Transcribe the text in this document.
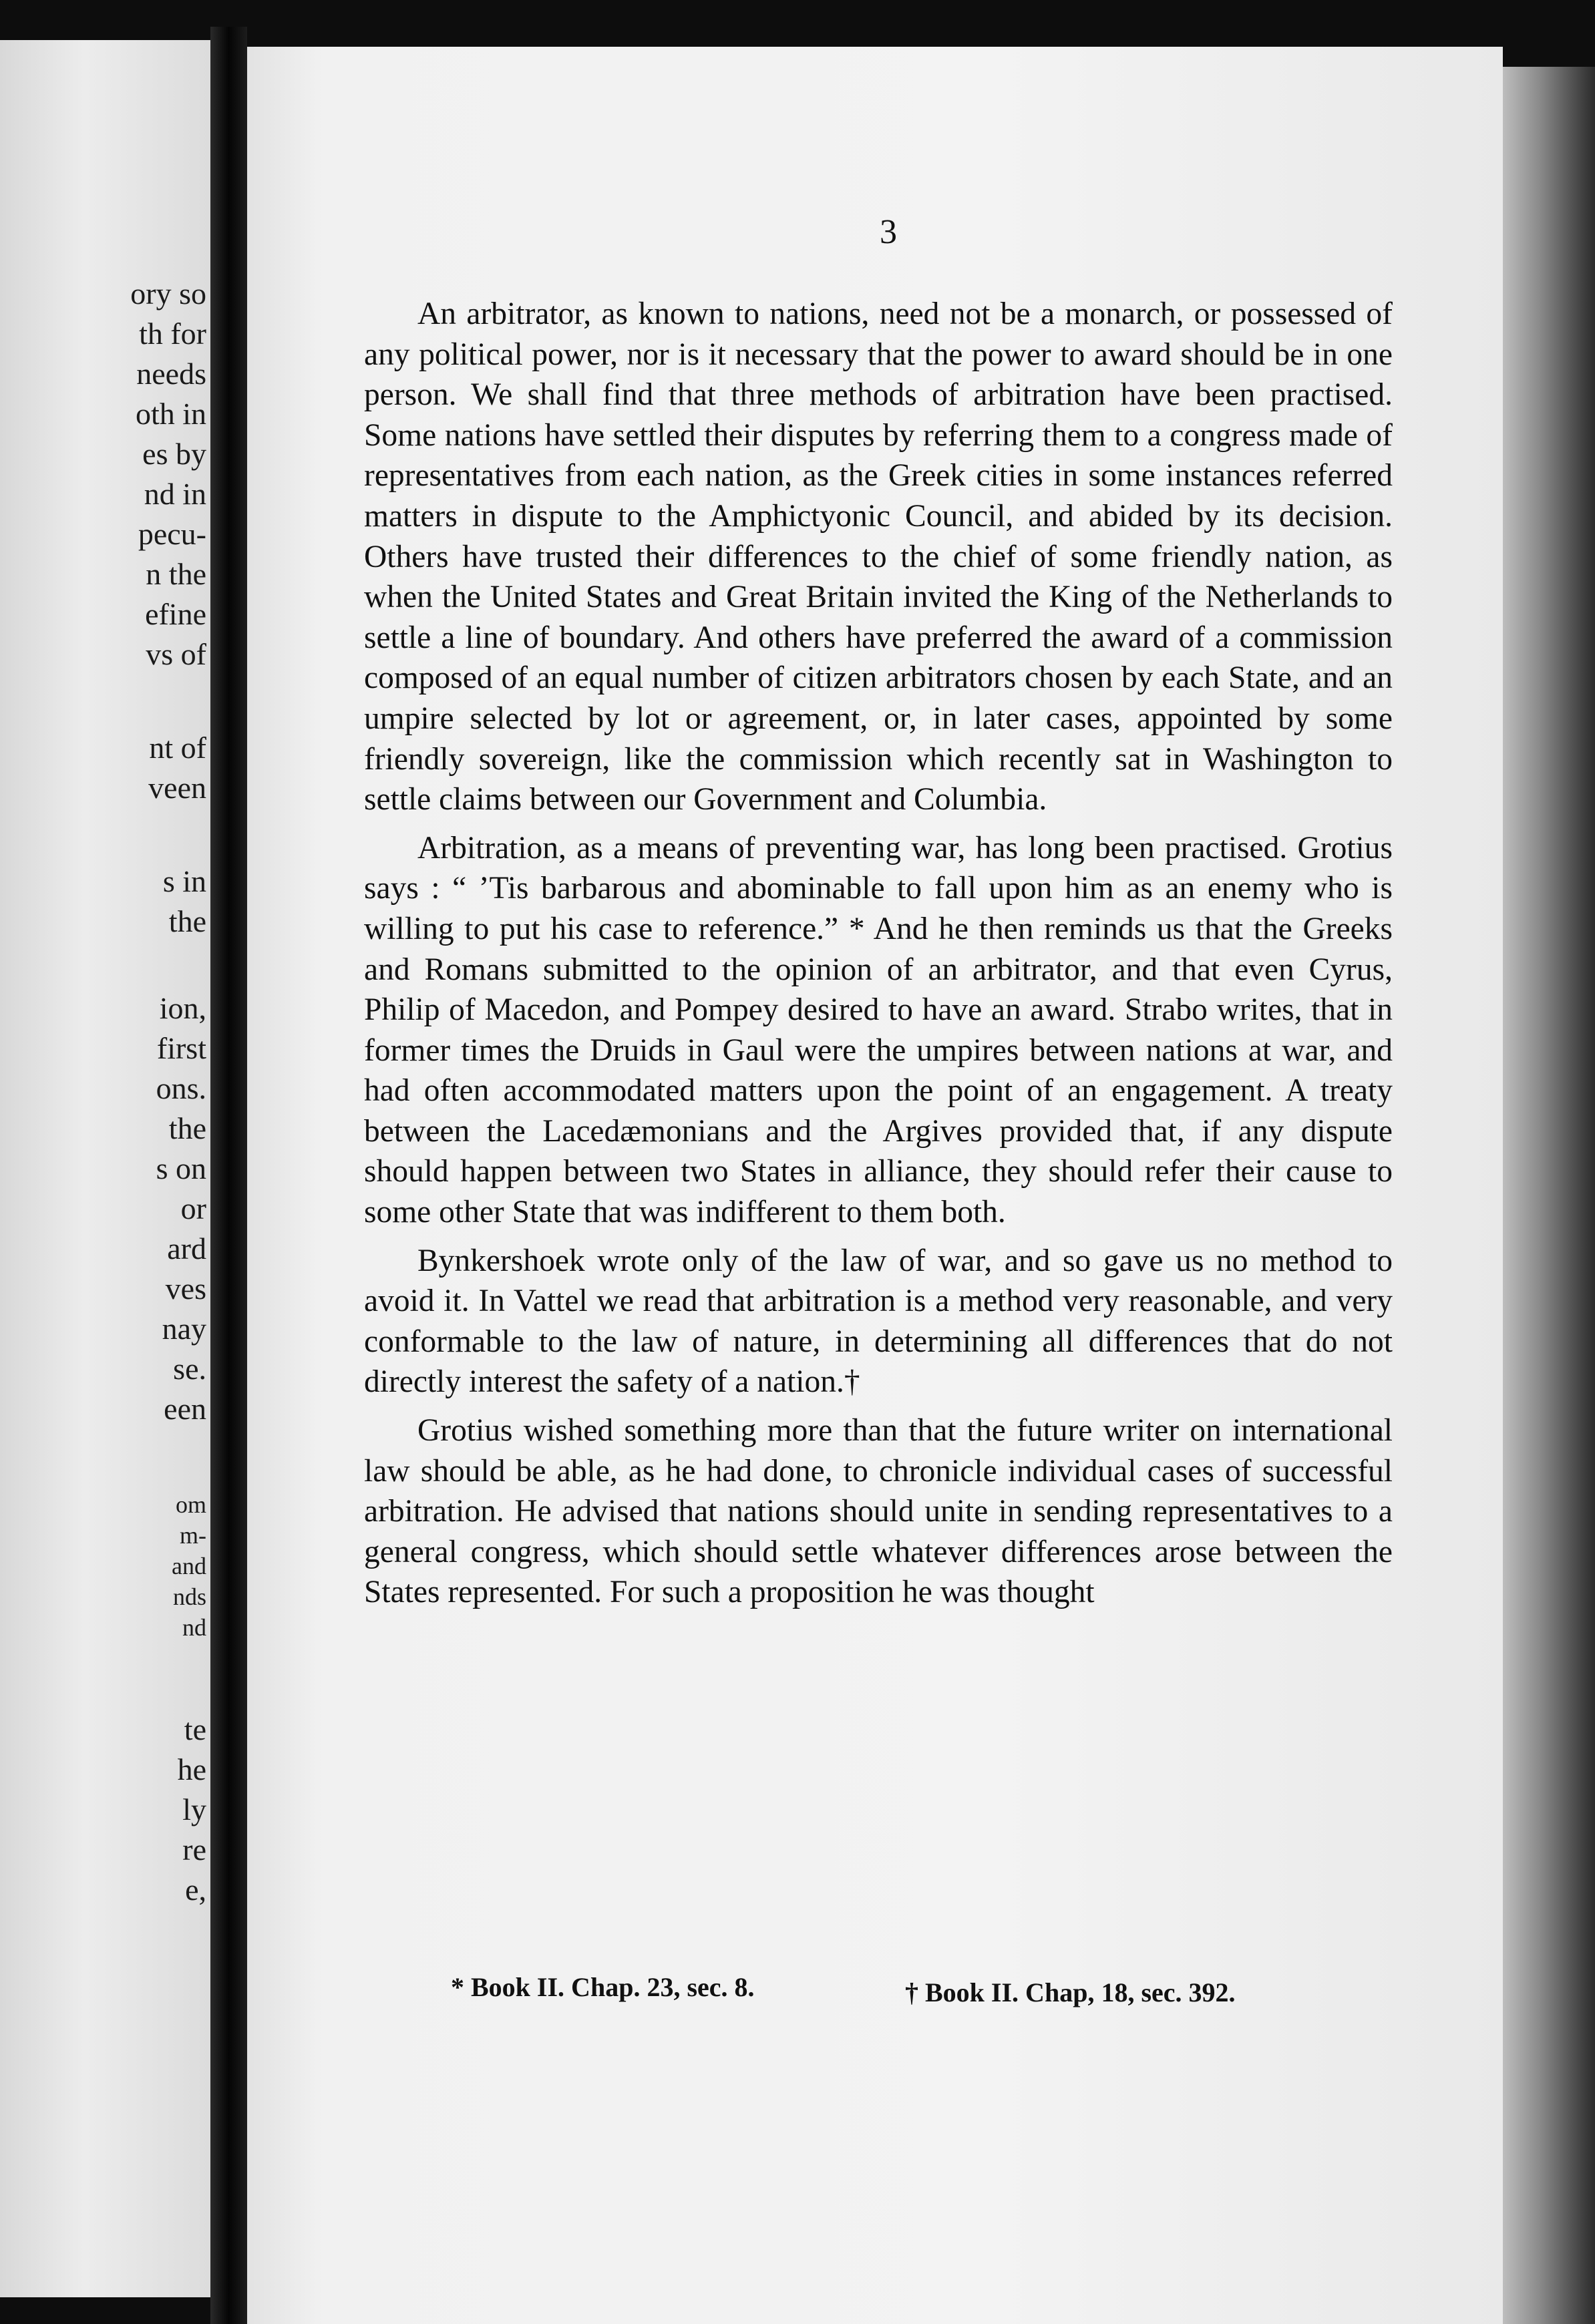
ory so
th for
needs
oth in
es by
nd in
pecu-
n the
efine
vs of
nt of
veen
s in
the
ion,
first
ons.
the
s on
or
ard
ves
nay
se.
een
om
m-
and
nds
nd
te
he
ly
re
e,
3

An arbitrator, as known to nations, need not be a monarch, or possessed of any political power, nor is it necessary that the power to award should be in one person. We shall find that three methods of arbitration have been practised. Some nations have settled their disputes by referring them to a congress made of representatives from each nation, as the Greek cities in some instances referred matters in dispute to the Amphictyonic Council, and abided by its decision. Others have trusted their differences to the chief of some friendly nation, as when the United States and Great Britain invited the King of the Netherlands to settle a line of boundary. And others have preferred the award of a commission composed of an equal number of citizen arbitrators chosen by each State, and an umpire selected by lot or agreement, or, in later cases, appointed by some friendly sovereign, like the commission which recently sat in Washington to settle claims between our Government and Columbia.

Arbitration, as a means of preventing war, has long been practised. Grotius says : “ ’Tis barbarous and abominable to fall upon him as an enemy who is willing to put his case to reference.” * And he then reminds us that the Greeks and Romans submitted to the opinion of an arbitrator, and that even Cyrus, Philip of Macedon, and Pompey desired to have an award. Strabo writes, that in former times the Druids in Gaul were the umpires between nations at war, and had often accommodated matters upon the point of an engagement. A treaty between the Lacedæmonians and the Argives provided that, if any dispute should happen between two States in alliance, they should refer their cause to some other State that was indifferent to them both.

Bynkershoek wrote only of the law of war, and so gave us no method to avoid it. In Vattel we read that arbitration is a method very reasonable, and very conformable to the law of nature, in determining all differences that do not directly interest the safety of a nation.†

Grotius wished something more than that the future writer on international law should be able, as he had done, to chronicle individual cases of successful arbitration. He advised that nations should unite in sending representatives to a general congress, which should settle whatever differences arose between the States represented. For such a proposition he was thought

* Book II. Chap. 23, sec. 8.	† Book II. Chap, 18, sec. 392.
